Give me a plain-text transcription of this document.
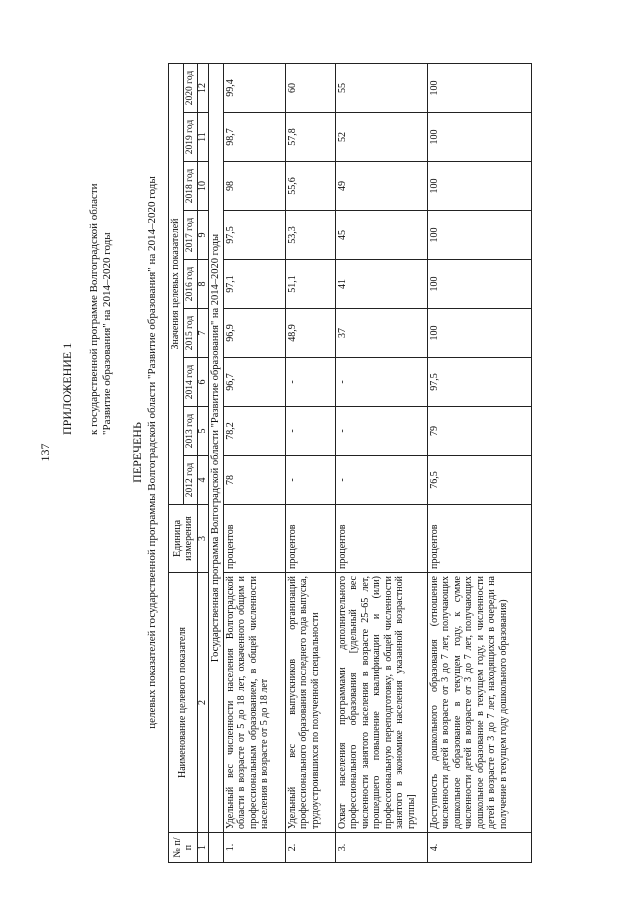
137
ПРИЛОЖЕНИЕ 1 к государственной программе Волгоградской области "Развитие образования" на 2014–2020 годы
ПЕРЕЧЕНЬ целевых показателей государственной программы Волгоградской области "Развитие образования" на 2014–2020 годы
№ п/п	Наименование целевого показателя	Единица измерения	Значения целевых показателей								
			2012 год	2013 год	2014 год	2015 год	2016 год	2017 год	2018 год	2019 год	2020 год
1	2	3	4	5	6	7	8	9	10	11	12
	Государственная программа Волгоградской области "Развитие образования" на 2014–2020 годы										
1.	Удельный вес численности населения Волгоградской области в возрасте от 5 до 18 лет, охваченного общим и профессиональным образованием, в общей численности населения в возрасте от 5 до 18 лет	процентов	78	78,2	96,7	96,9	97,1	97,5	98	98,7	99,4
2.	Удельный вес выпускников организаций профессионального образования последнего года выпуска, трудоустроившихся по полученной специальности	процентов	-	-	-	48,9	51,1	53,3	55,6	57,8	60
3.	Охват населения программами дополнительного профессионального образования [удельный вес численности занятого населения в возрасте 25–65 лет, прошедшего повышение квалификации и (или) профессиональную переподготовку, в общей численности занятого в экономике населения указанной возрастной группы]	процентов	-	-	-	37	41	45	49	52	55
4.	Доступность дошкольного образования (отношение численности детей в возрасте от 3 до 7 лет, получающих дошкольное образование в текущем году, к сумме численности детей в возрасте от 3 до 7 лет, получающих дошкольное образование в текущем году, и численности детей в возрасте от 3 до 7 лет, находящихся в очереди на получение в текущем году дошкольного образования)	процентов	76,5	79	97,5	100	100	100	100	100	100
